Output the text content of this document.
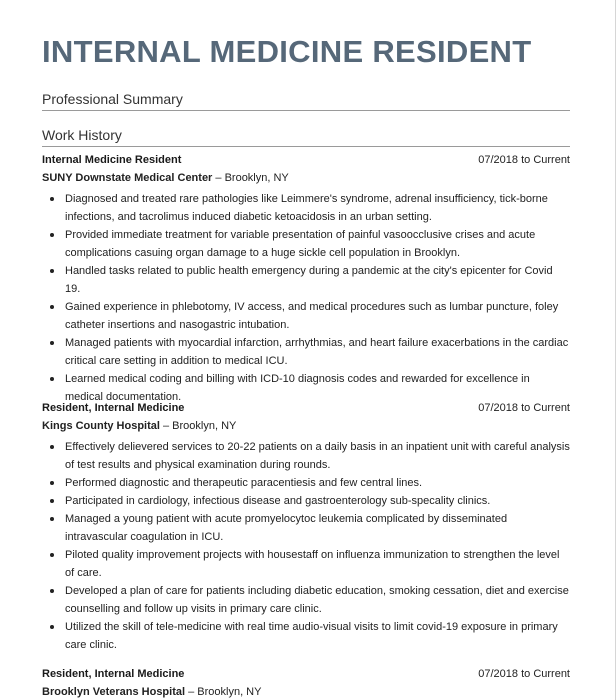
INTERNAL MEDICINE RESIDENT
Professional Summary
Work History
Internal Medicine Resident	07/2018 to Current
SUNY Downstate Medical Center – Brooklyn, NY
Diagnosed and treated rare pathologies like Leimmere's syndrome, adrenal insufficiency, tick-borne infections, and tacrolimus induced diabetic ketoacidosis in an urban setting.
Provided immediate treatment for variable presentation of painful vasoocclusive crises and acute complications casuing organ damage to a huge sickle cell population in Brooklyn.
Handled tasks related to public health emergency during a pandemic at the city's epicenter for Covid 19.
Gained experience in phlebotomy, IV access, and medical procedures such as lumbar puncture, foley catheter insertions and nasogastric intubation.
Managed patients with myocardial infarction, arrhythmias, and heart failure exacerbations in the cardiac critical care setting in addition to medical ICU.
Learned medical coding and billing with ICD-10 diagnosis codes and rewarded for excellence in medical documentation.
Resident, Internal Medicine	07/2018 to Current
Kings County Hospital – Brooklyn, NY
Effectively delievered services to 20-22 patients on a daily basis in an inpatient unit with careful analysis of test results and physical examination during rounds.
Performed diagnostic and therapeutic paracentiesis and few central lines.
Participated in cardiology, infectious disease and gastroenterology sub-specality clinics.
Managed a young patient with acute promyelocytoc leukemia complicated by disseminated intravascular coagulation in ICU.
Piloted quality improvement projects with housestaff on influenza immunization to strengthen the level of care.
Developed a plan of care for patients including diabetic education, smoking cessation, diet and exercise counselling and follow up visits in primary care clinic.
Utilized the skill of tele-medicine with real time audio-visual visits to limit covid-19 exposure in primary care clinic.
Resident, Internal Medicine	07/2018 to Current
Brooklyn Veterans Hospital – Brooklyn, NY
